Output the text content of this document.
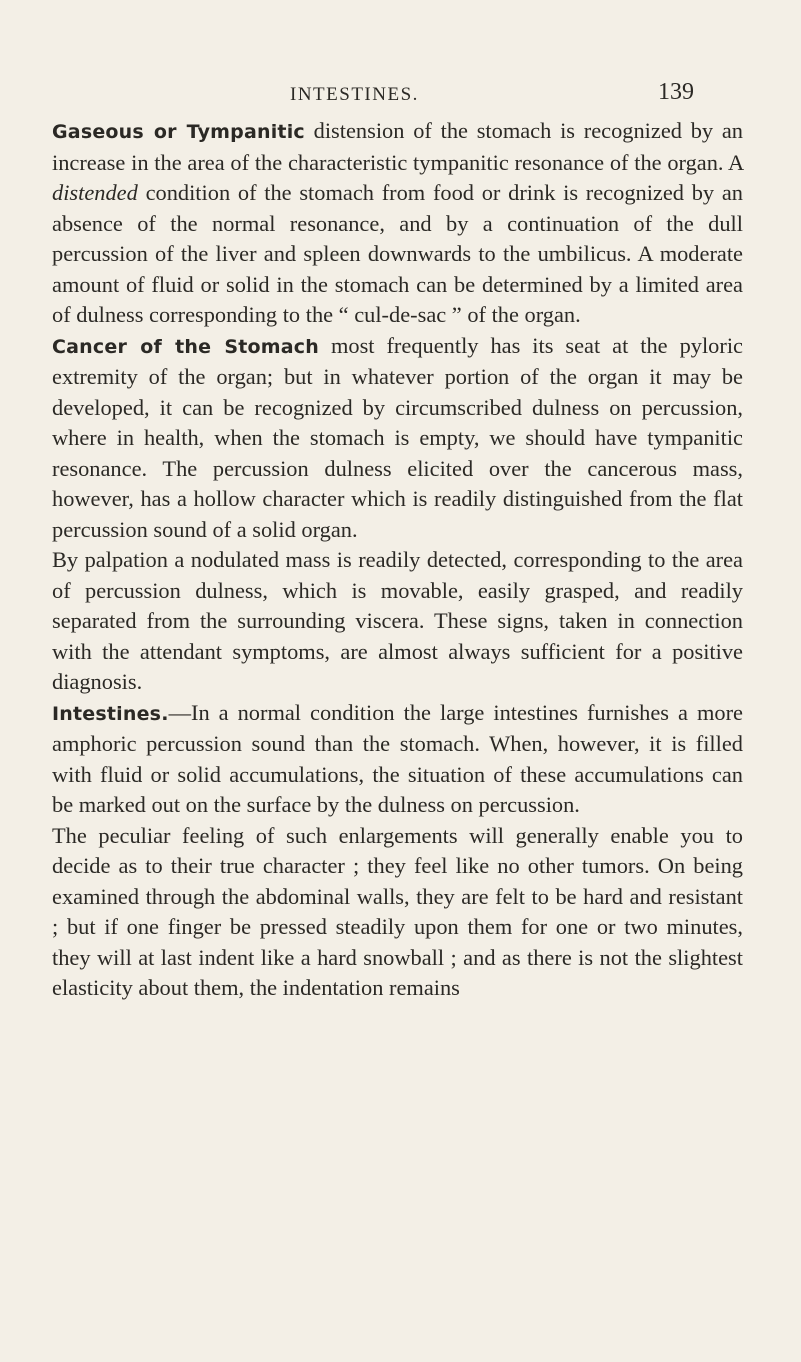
INTESTINES.	139

Gaseous or Tympanitic distension of the stomach is recognized by an increase in the area of the characteristic tympanitic resonance of the organ. A distended condition of the stomach from food or drink is recognized by an absence of the normal resonance, and by a continuation of the dull percussion of the liver and spleen downwards to the umbilicus. A moderate amount of fluid or solid in the stomach can be determined by a limited area of dulness corresponding to the “ cul-de-sac ” of the organ.

Cancer of the Stomach most frequently has its seat at the pyloric extremity of the organ; but in whatever portion of the organ it may be developed, it can be recognized by circumscribed dulness on percussion, where in health, when the stomach is empty, we should have tympanitic resonance. The percussion dulness elicited over the cancerous mass, however, has a hollow character which is readily distinguished from the flat percussion sound of a solid organ.

By palpation a nodulated mass is readily detected, corresponding to the area of percussion dulness, which is movable, easily grasped, and readily separated from the surrounding viscera. These signs, taken in connection with the attendant symptoms, are almost always sufficient for a positive diagnosis.

Intestines.—In a normal condition the large intestines furnishes a more amphoric percussion sound than the stomach. When, however, it is filled with fluid or solid accumulations, the situation of these accumulations can be marked out on the surface by the dulness on percussion.

The peculiar feeling of such enlargements will generally enable you to decide as to their true character ; they feel like no other tumors. On being examined through the abdominal walls, they are felt to be hard and resistant ; but if one finger be pressed steadily upon them for one or two minutes, they will at last indent like a hard snowball ; and as there is not the slightest elasticity about them, the indentation remains
